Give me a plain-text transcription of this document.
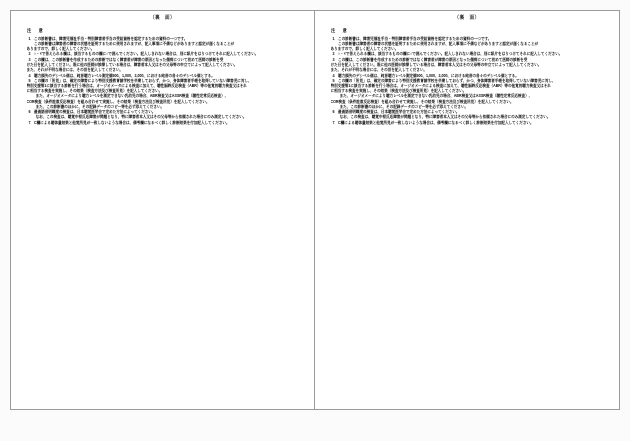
（裏　面）
注　意
1 この診断書は、障害児福祉手当・特別障害者手当の受給資格を認定するための資料の一つです。
この診断書は障害者の障害の状態を証明するために使用されますが、記入事項に不備などがありますと認定が遅くなることが
ありますので、詳しく記入してください。
2 ○・×で答えられる欄は、該当するものの欄に○で囲んでください。記入しきれない場合は、別に紙片をはりつけてそれに記入してください。
3 この欄は、この診断書を作成するための診断ではなく障害者が障害の原因となった傷病について初めて医師の診断を受
けた日を記入してください。既に他の医師が診療している場合は、障害者本人又はその父母等の申立てによって記入してください。
また、それが不明な場合には、その旨を記入してください。
4 聴力損失のデシベル値は、純音聴力レベル測定値500、1,000、2,000、における純音の各々のデシベル値とする。
5 この欄の「所見」は、確定の障害により特別支援教育諸学校を卒業しておらず、かつ、身体障害者手帳を取得していない障害児に対し、
特別支援第1に該当する診断を行う場合は、オージオメータによる検査に加えて、聴性脳幹反応検査（ABR）等の他覚的聴力検査又はそれ
に相当する検査を実施し、その結果（検査方法及び検査所見）を記入してください。
また、オージオメータにより聴力レベルを測定できない乳幼児の場合、ABR検査又はASSR検査（聴性定常反応検査）、
COR検査（条件詮索反応検査）を組み合わせて実施し、その結果（検査方法及び検査所見）を記入してください。
また、この診断書のほかに、その記録データのコピー等を必ず添えてください。
6 最高語音明瞭度の検査は、日本聴覚医学会で定めた方法によってください。
なお、この検査は、聴覚中枢反応障害が問題となり、特に障害者本人又はその父母等から依頼された場合にのみ測定してください。
7 C欄による聴体量結果と他覚所見が一致しないような場合は、備考欄になるべく詳しく診断結果を付加記入してください。
（裏　面）
注　意
1 この診断書は、障害児福祉手当・特別障害者手当の受給資格を認定するための資料の一つです。
この診断書は障害者の障害の状態を証明するために使用されますが、記入事項に不備などがありますと認定が遅くなることが
ありますので、詳しく記入してください。
2 ○・×で答えられる欄は、該当するものの欄に○で囲んでください。記入しきれない場合は、別に紙片をはりつけてそれに記入してください。
3 この欄は、この診断書を作成するための診断ではなく障害者が障害の原因となった傷病について初めて医師の診断を受
けた日を記入してください。既に他の医師が診療している場合は、障害者本人又はその父母等の申立てによって記入してください。
また、それが不明な場合には、その旨を記入してください。
4 聴力損失のデシベル値は、純音聴力レベル測定値500、1,000、2,000、における純音の各々のデシベル値とする。
5 この欄の「所見」は、確定の障害により特別支援教育諸学校を卒業しておらず、かつ、身体障害者手帳を取得していない障害児に対し、
特別支援第1に該当する診断を行う場合は、オージオメータによる検査に加えて、聴性脳幹反応検査（ABR）等の他覚的聴力検査又はそれ
に相当する検査を実施し、その結果（検査方法及び検査所見）を記入してください。
また、オージオメータにより聴力レベルを測定できない乳幼児の場合、ABR検査又はASSR検査（聴性定常反応検査）、
COR検査（条件詮索反応検査）を組み合わせて実施し、その結果（検査方法及び検査所見）を記入してください。
また、この診断書のほかに、その記録データのコピー等を必ず添えてください。
6 最高語音明瞭度の検査は、日本聴覚医学会で定めた方法によってください。
なお、この検査は、聴覚中枢反応障害が問題となり、特に障害者本人又はその父母等から依頼された場合にのみ測定してください。
7 C欄による聴体量結果と他覚所見が一致しないような場合は、備考欄になるべく詳しく診断結果を付加記入してください。
